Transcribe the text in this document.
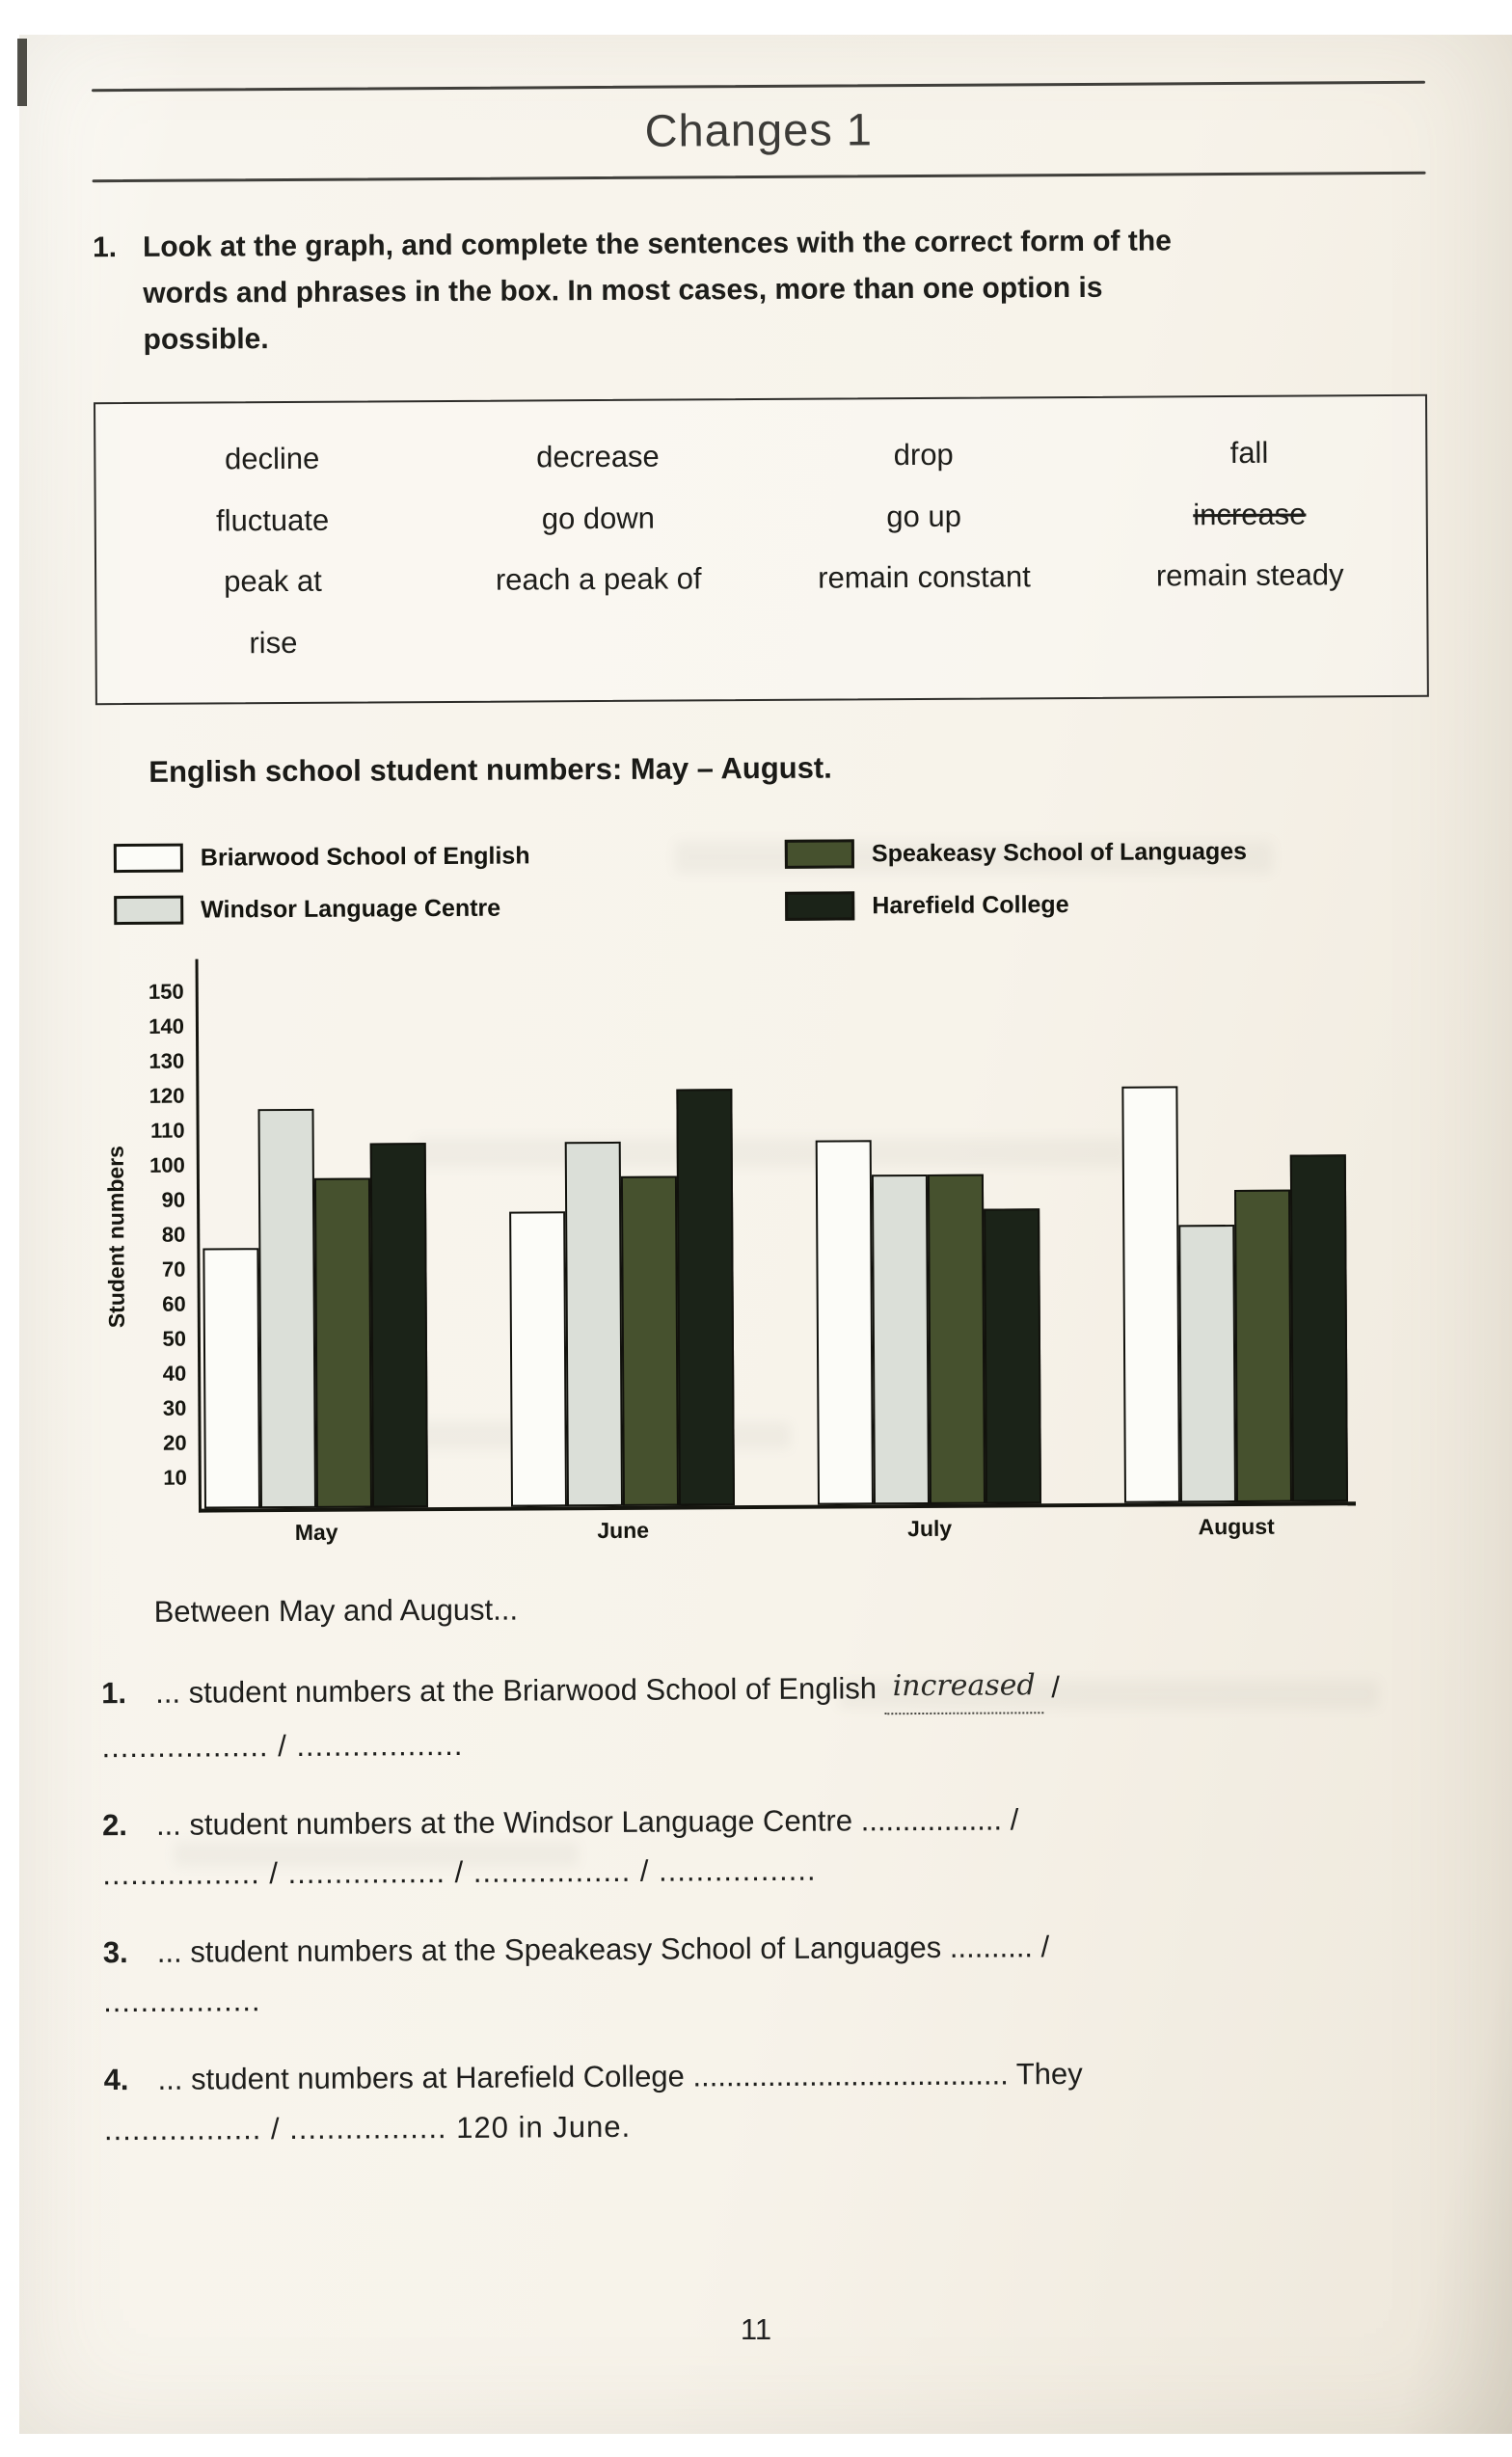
Changes 1
1. Look at the graph, and complete the sentences with the correct form of the words and phrases in the box. In most cases, more than one option is possible.

decline	decrease	drop	fall
fluctuate	go down	go up	increase
peak at	reach a peak of	remain constant	remain steady
rise
English school student numbers: May – August.
Briarwood School of English
Windsor Language Centre
Speakeasy School of Languages
Harefield College
Student numbers
10
20
30
40
50
60
70
80
90
100
110
120
130
140
150
May	June	July	August

Between May and August...

1. ... student numbers at the Briarwood School of English increased /
.................. / ..................
2. ... student numbers at the Windsor Language Centre ................. /
................. / ................. / ................. / .................
3. ... student numbers at the Speakeasy School of Languages .......... /
.................
4. ... student numbers at Harefield College ...................................... They
................. / ................. 120 in June.
11
